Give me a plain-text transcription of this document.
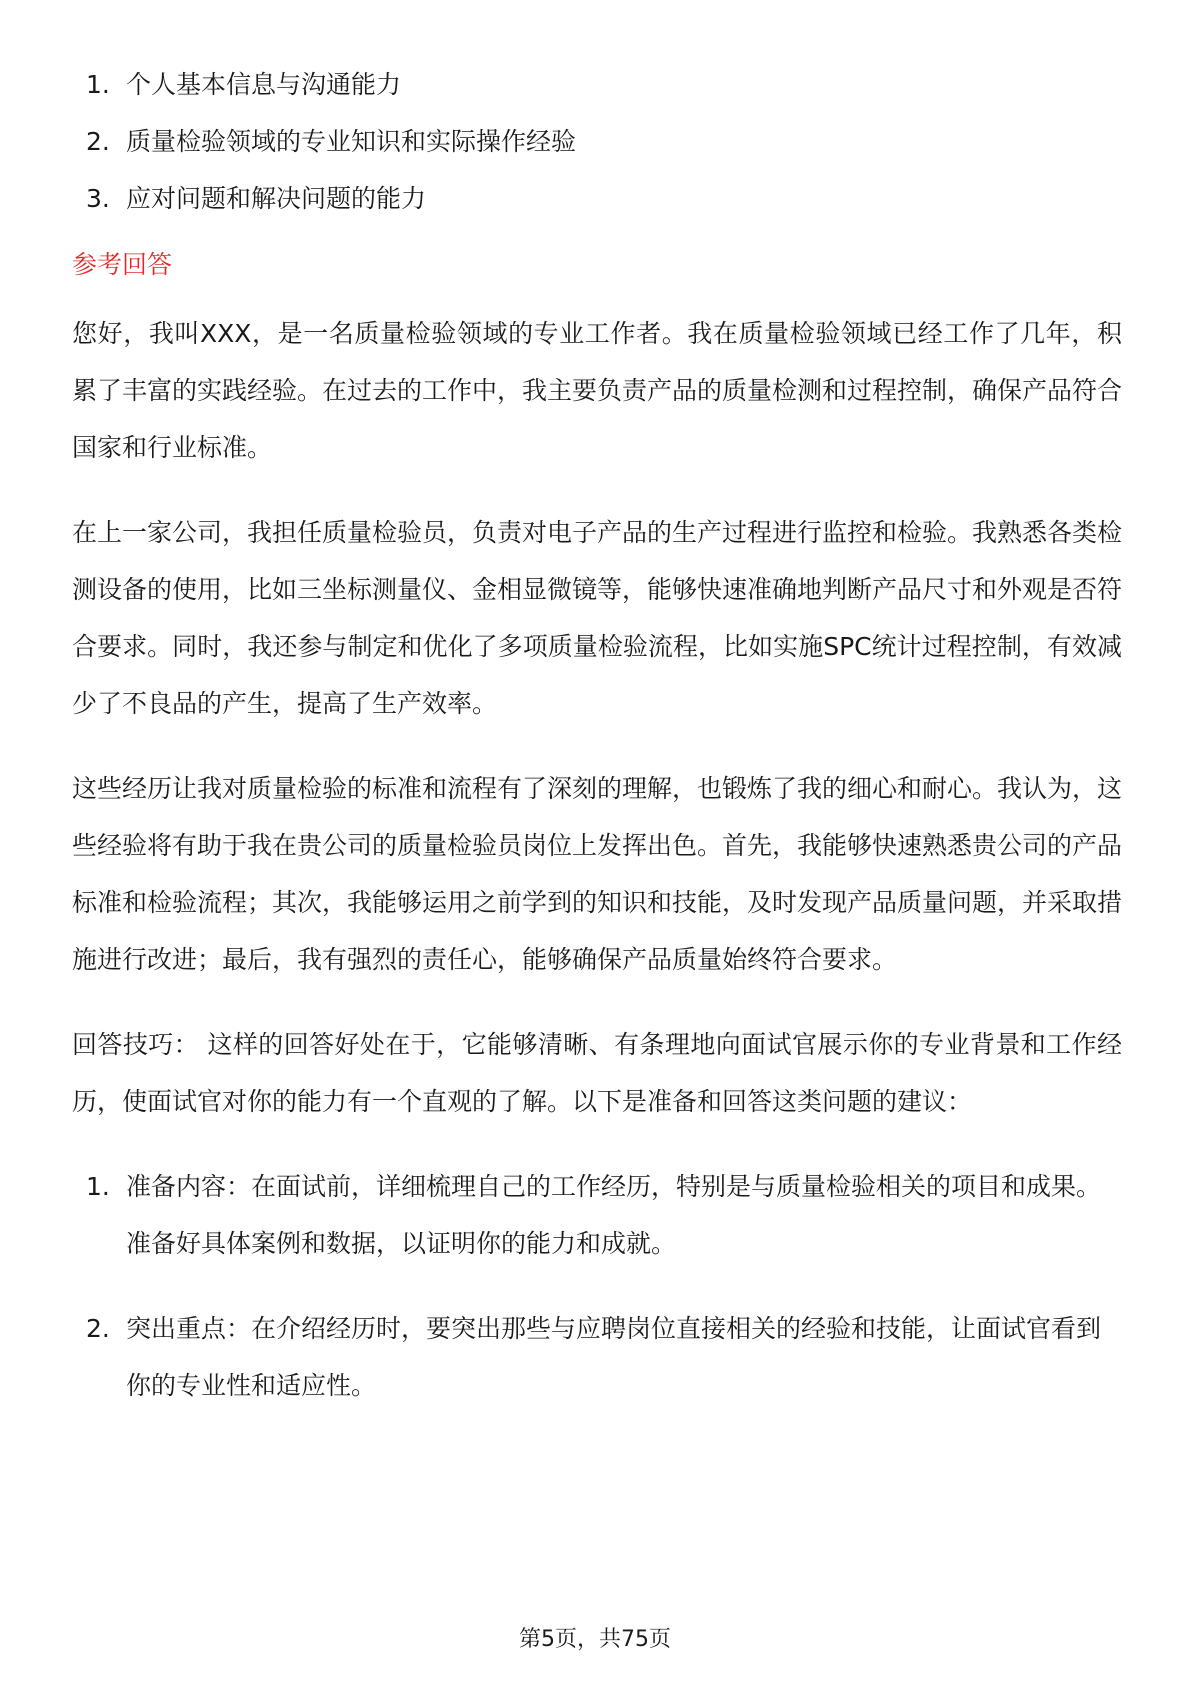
1. 个人基本信息与沟通能力
2. 质量检验领域的专业知识和实际操作经验
3. 应对问题和解决问题的能力
参考回答

您好，我叫XXX，是一名质量检验领域的专业工作者。我在质量检验领域已经工作了几年，积累了丰富的实践经验。在过去的工作中，我主要负责产品的质量检测和过程控制，确保产品符合国家和行业标准。

在上一家公司，我担任质量检验员，负责对电子产品的生产过程进行监控和检验。我熟悉各类检测设备的使用，比如三坐标测量仪、金相显微镜等，能够快速准确地判断产品尺寸和外观是否符合要求。同时，我还参与制定和优化了多项质量检验流程，比如实施SPC统计过程控制，有效减少了不良品的产生，提高了生产效率。

这些经历让我对质量检验的标准和流程有了深刻的理解，也锻炼了我的细心和耐心。我认为，这些经验将有助于我在贵公司的质量检验员岗位上发挥出色。首先，我能够快速熟悉贵公司的产品标准和检验流程；其次，我能够运用之前学到的知识和技能，及时发现产品质量问题，并采取措施进行改进；最后，我有强烈的责任心，能够确保产品质量始终符合要求。

回答技巧： 这样的回答好处在于，它能够清晰、有条理地向面试官展示你的专业背景和工作经历，使面试官对你的能力有一个直观的了解。以下是准备和回答这类问题的建议：

1. 准备内容：在面试前，详细梳理自己的工作经历，特别是与质量检验相关的项目和成果。准备好具体案例和数据，以证明你的能力和成就。
2. 突出重点：在介绍经历时，要突出那些与应聘岗位直接相关的经验和技能，让面试官看到你的专业性和适应性。
第5页，共75页
